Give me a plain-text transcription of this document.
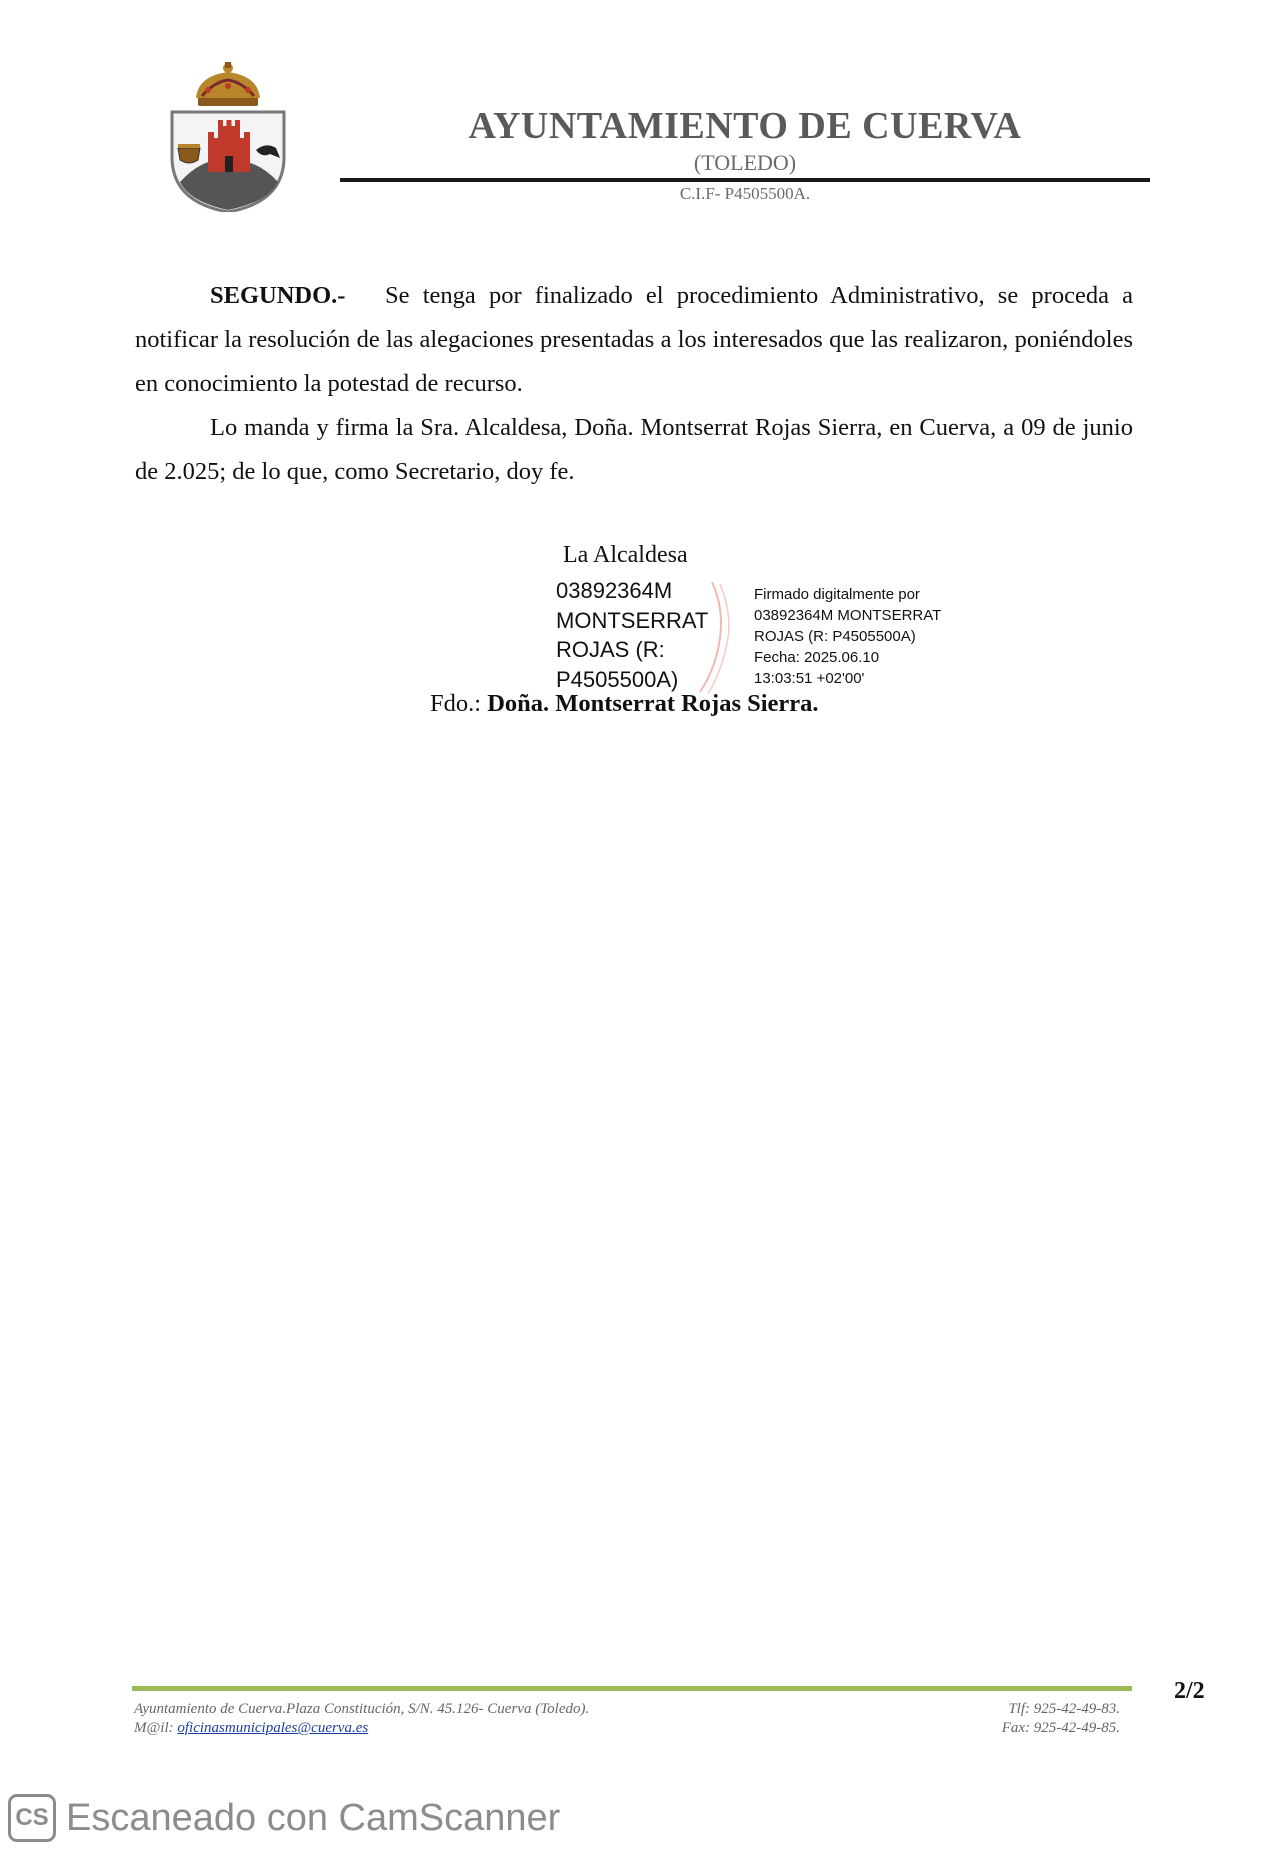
AYUNTAMIENTO DE CUERVA
(TOLEDO)
C.I.F- P4505500A.
SEGUNDO.- Se tenga por finalizado el procedimiento Administrativo, se proceda a notificar la resolución de las alegaciones presentadas a los interesados que las realizaron, poniéndoles en conocimiento la potestad de recurso.
Lo manda y firma la Sra. Alcaldesa, Doña. Montserrat Rojas Sierra, en Cuerva, a 09 de junio de 2.025; de lo que, como Secretario, doy fe.
La Alcaldesa
03892364M
MONTSERRAT
ROJAS (R:
P4505500A)
Firmado digitalmente por
03892364M MONTSERRAT
ROJAS (R: P4505500A)
Fecha: 2025.06.10
13:03:51 +02'00'
Fdo.: Doña. Montserrat Rojas Sierra.
2/2
Ayuntamiento de Cuerva.Plaza Constitución, S/N. 45.126- Cuerva (Toledo).
M@il: oficinasmunicipales@cuerva.es
Tlf: 925-42-49-83.
Fax: 925-42-49-85.
CS Escaneado con CamScanner
